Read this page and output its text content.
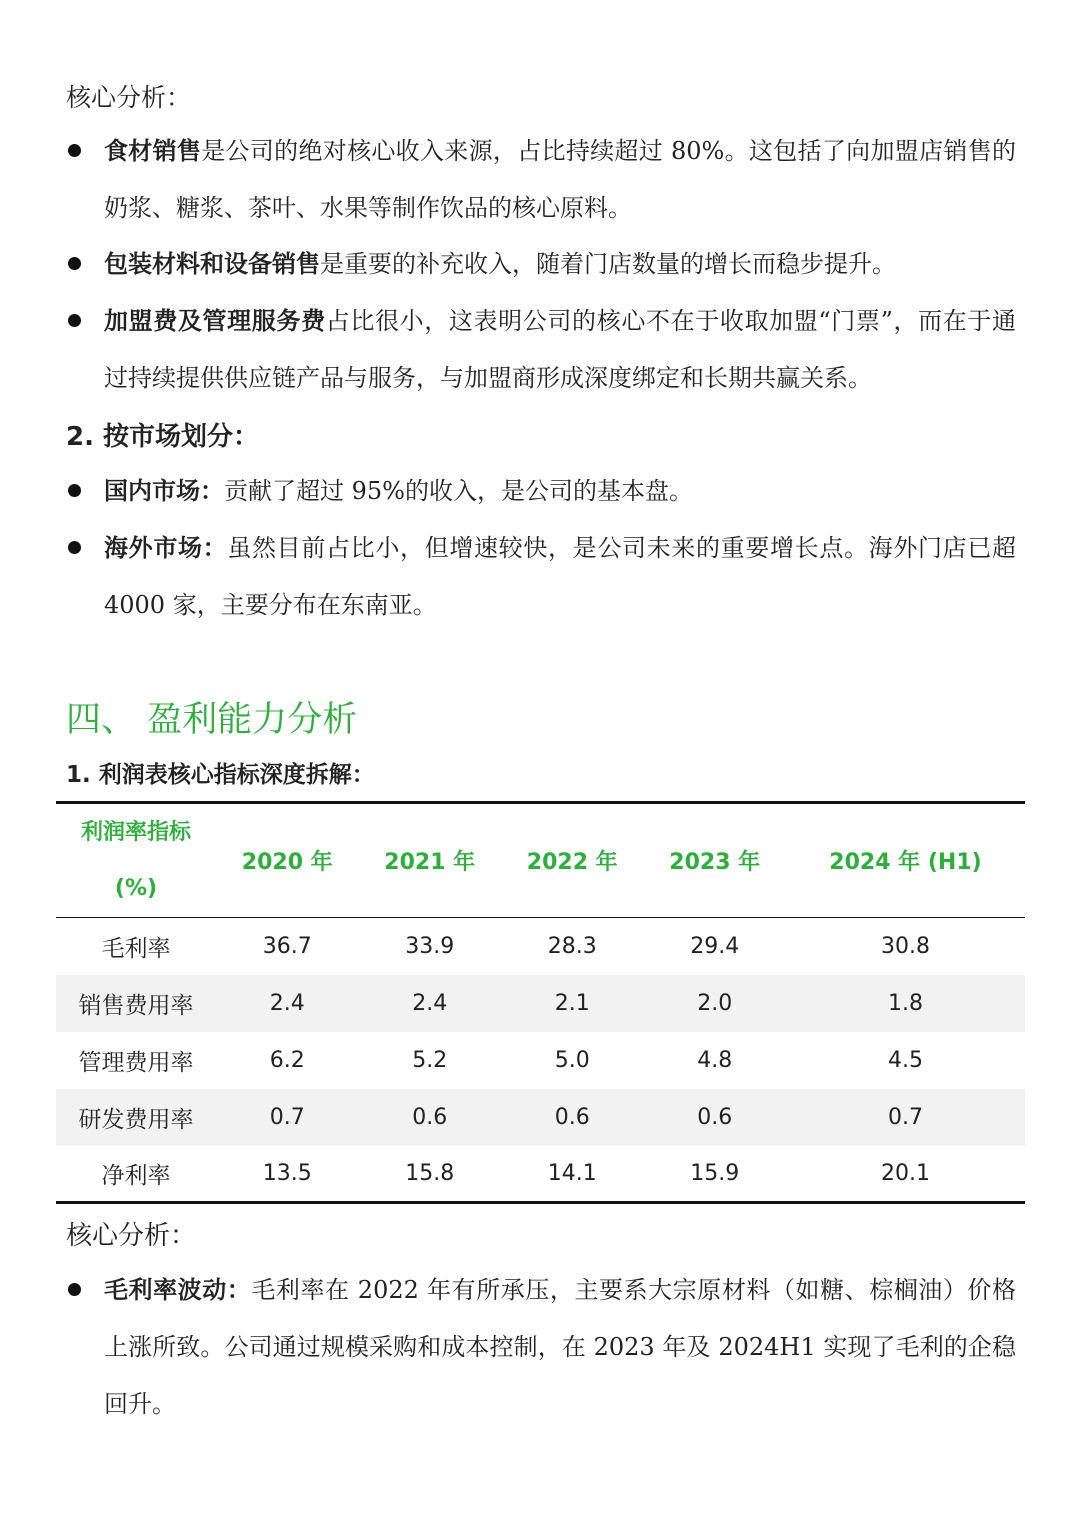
核心分析：
食材销售是公司的绝对核心收入来源，占比持续超过 80%。这包括了向加盟店销售的奶浆、糖浆、茶叶、水果等制作饮品的核心原料。
包装材料和设备销售是重要的补充收入，随着门店数量的增长而稳步提升。
加盟费及管理服务费占比很小，这表明公司的核心不在于收取加盟“门票”，而在于通过持续提供供应链产品与服务，与加盟商形成深度绑定和长期共赢关系。
2. 按市场划分：
国内市场：贡献了超过 95%的收入，是公司的基本盘。
海外市场：虽然目前占比小，但增速较快，是公司未来的重要增长点。海外门店已超 4000 家，主要分布在东南亚。
四、 盈利能力分析
1. 利润表核心指标深度拆解：
利润率指标
(%)	2020 年	2021 年	2022 年	2023 年	2024 年 (H1)
毛利率	36.7	33.9	28.3	29.4	30.8
销售费用率	2.4	2.4	2.1	2.0	1.8
管理费用率	6.2	5.2	5.0	4.8	4.5
研发费用率	0.7	0.6	0.6	0.6	0.7
净利率	13.5	15.8	14.1	15.9	20.1
核心分析：
毛利率波动：毛利率在 2022 年有所承压，主要系大宗原材料（如糖、棕榈油）价格上涨所致。公司通过规模采购和成本控制，在 2023 年及 2024H1 实现了毛利的企稳回升。
